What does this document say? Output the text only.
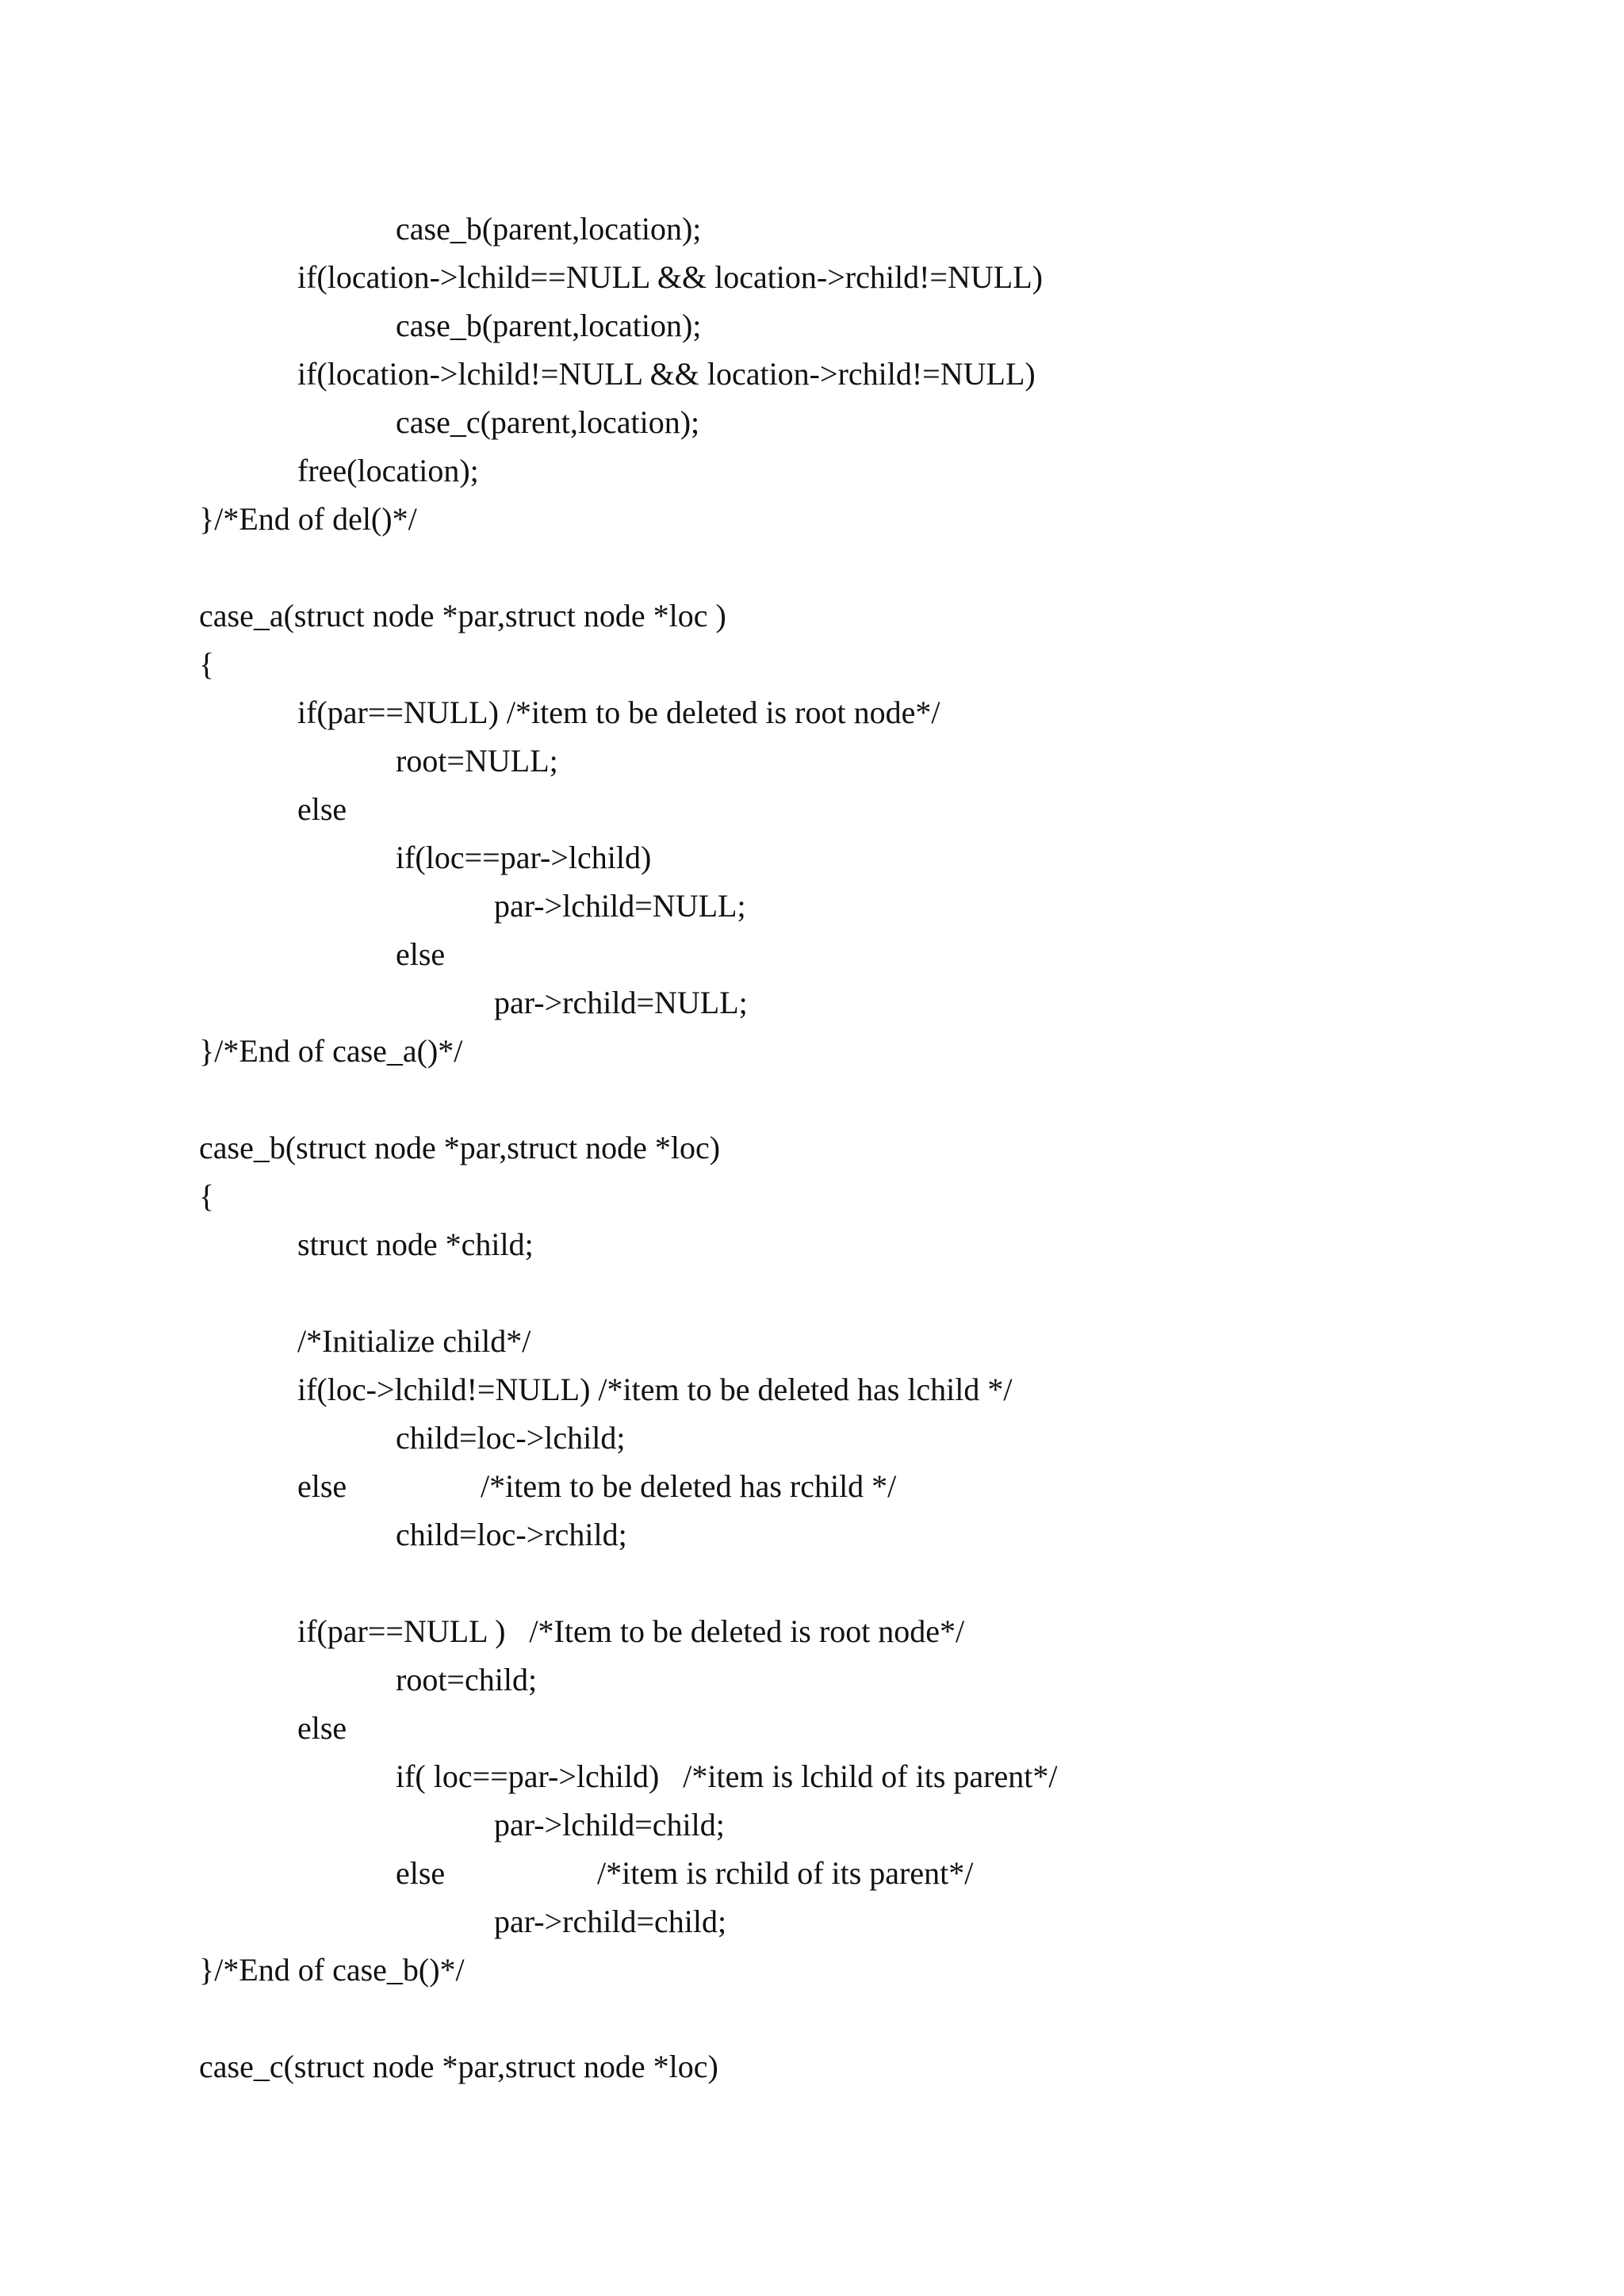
case_b(parent,location);
if(location->lchild==NULL && location->rchild!=NULL)
case_b(parent,location);
if(location->lchild!=NULL && location->rchild!=NULL)
case_c(parent,location);
free(location);
}/*End of del()*/
case_a(struct node *par,struct node *loc )
{
if(par==NULL) /*item to be deleted is root node*/
root=NULL;
else
if(loc==par->lchild)
par->lchild=NULL;
else
par->rchild=NULL;
}/*End of case_a()*/
case_b(struct node *par,struct node *loc)
{
struct node *child;
/*Initialize child*/
if(loc->lchild!=NULL) /*item to be deleted has lchild */
child=loc->lchild;
else	/*item to be deleted has rchild */
child=loc->rchild;
if(par==NULL )   /*Item to be deleted is root node*/
root=child;
else
if( loc==par->lchild)   /*item is lchild of its parent*/
par->lchild=child;
else	/*item is rchild of its parent*/
par->rchild=child;
}/*End of case_b()*/
case_c(struct node *par,struct node *loc)
